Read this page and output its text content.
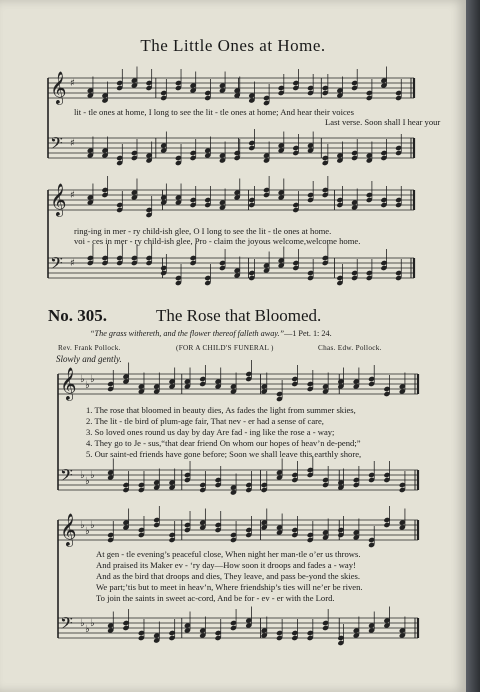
𝄞 ♯
𝄢 ♯
𝄞 ♯
𝄢 ♯
𝄞 ♭
♭
♭
𝄢 ♭
♭
♭
𝄞 ♭
♭
♭
𝄢 ♭
♭
♭
The Little Ones at Home.
lit - tle ones at home, I long to see the lit - tle ones at home; And hear their voices
Last verse. Soon shall I hear your
ring-ing in mer - ry child-ish glee, O I long to see the lit - tle ones at home.
voi - ces in mer - ry child-ish glee, Pro - claim the joyous welcome,welcome home.
No. 305.	The Rose that Bloomed.
“The grass withereth, and the flower thereof falleth away.”—1 Pet. 1: 24.
Rev. Frank Pollock.	(FOR A CHILD'S FUNERAL )	Chas. Edw. Pollock.
Slowly and gently.
1. The rose that bloomed in beauty dies, As fades the light from summer skies,
2. The lit - tle bird of plum-age fair, That nev - er had a sense of care,
3. So loved ones round us day by day Are fad - ing like the rose a - way;
4. They go to Je - sus,“that dear friend On whom our hopes of heav’n de-pend;”
5. Our saint-ed friends have gone before; Soon we shall leave this earthly shore,
At gen - tle evening’s peaceful close, When night her man-tle o’er us throws.
And praised its Maker ev - ‘ry day—How soon it droops and fades a - way!
And as the bird that droops and dies, They leave, and pass be-yond the skies.
We part;’tis but to meet in heav’n, Where friendship’s ties will ne’er be riven.
To join the saints in sweet ac-cord, And be for - ev - er with the Lord.
